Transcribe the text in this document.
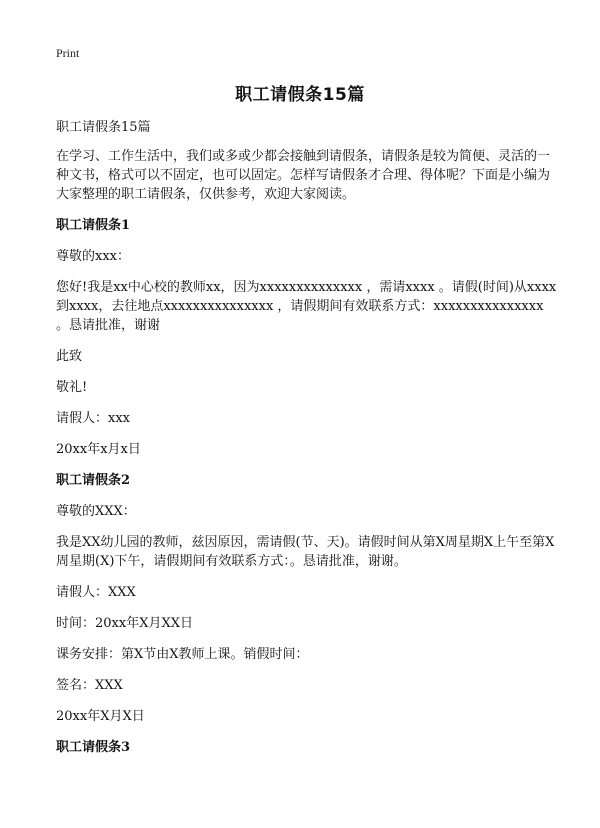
Print
职工请假条15篇

职工请假条15篇

在学习、工作生活中，我们或多或少都会接触到请假条，请假条是较为简便、灵活的一种文书，格式可以不固定，也可以固定。怎样写请假条才合理、得体呢？下面是小编为大家整理的职工请假条，仅供参考，欢迎大家阅读。

职工请假条1

尊敬的xxx：

您好!我是xx中心校的教师xx，因为xxxxxxxxxxxxxx ，需请xxxx 。请假(时间)从xxxx到xxxx，去往地点xxxxxxxxxxxxxxx ，请假期间有效联系方式：xxxxxxxxxxxxxxx 。恳请批准，谢谢

此致

敬礼!

请假人：xxx

20xx年x月x日

职工请假条2

尊敬的XXX：

我是XX幼儿园的教师，兹因原因，需请假(节、天)。请假时间从第X周星期X上午至第X周星期(X)下午，请假期间有效联系方式：。恳请批准，谢谢。

请假人：XXX

时间：20xx年X月XX日

课务安排：第X节由X教师上课。销假时间：

签名：XXX

20xx年X月X日

职工请假条3
